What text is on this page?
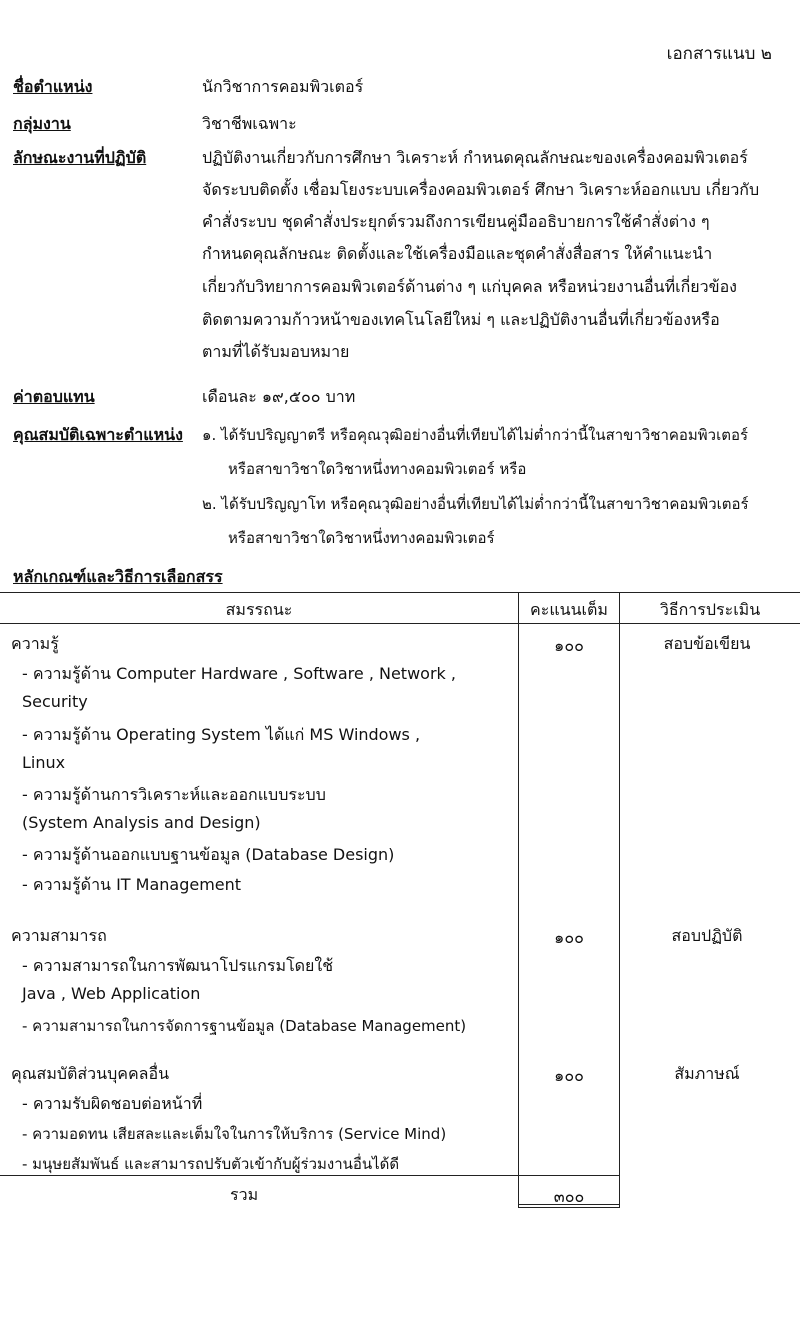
เอกสารแนบ ๒
ชื่อตำแหน่ง	นักวิชาการคอมพิวเตอร์
กลุ่มงาน	วิชาชีพเฉพาะ
ลักษณะงานที่ปฏิบัติ	ปฏิบัติงานเกี่ยวกับการศึกษา วิเคราะห์ กำหนดคุณลักษณะของเครื่องคอมพิวเตอร์
จัดระบบติดตั้ง เชื่อมโยงระบบเครื่องคอมพิวเตอร์ ศึกษา วิเคราะห์ออกแบบ เกี่ยวกับ
คำสั่งระบบ ชุดคำสั่งประยุกต์รวมถึงการเขียนคู่มืออธิบายการใช้คำสั่งต่าง ๆ
กำหนดคุณลักษณะ ติดตั้งและใช้เครื่องมือและชุดคำสั่งสื่อสาร ให้คำแนะนำ
เกี่ยวกับวิทยาการคอมพิวเตอร์ด้านต่าง ๆ แก่บุคคล หรือหน่วยงานอื่นที่เกี่ยวข้อง
ติดตามความก้าวหน้าของเทคโนโลยีใหม่ ๆ และปฏิบัติงานอื่นที่เกี่ยวข้องหรือ
ตามที่ได้รับมอบหมาย
ค่าตอบแทน	เดือนละ ๑๙,๕๐๐ บาท
คุณสมบัติเฉพาะตำแหน่ง ๑. ได้รับปริญญาตรี หรือคุณวุฒิอย่างอื่นที่เทียบได้ไม่ต่ำกว่านี้ในสาขาวิชาคอมพิวเตอร์
หรือสาขาวิชาใดวิชาหนึ่งทางคอมพิวเตอร์ หรือ
๒. ได้รับปริญญาโท หรือคุณวุฒิอย่างอื่นที่เทียบได้ไม่ต่ำกว่านี้ในสาขาวิชาคอมพิวเตอร์
หรือสาขาวิชาใดวิชาหนึ่งทางคอมพิวเตอร์
หลักเกณฑ์และวิธีการเลือกสรร
สมรรถนะ	คะแนนเต็ม	วิธีการประเมิน
ความรู้	๑๐๐	สอบข้อเขียน
- ความรู้ด้าน Computer Hardware , Software , Network ,
Security
- ความรู้ด้าน Operating System ได้แก่ MS Windows ,
Linux
- ความรู้ด้านการวิเคราะห์และออกแบบระบบ
(System Analysis and Design)
- ความรู้ด้านออกแบบฐานข้อมูล (Database Design)
- ความรู้ด้าน IT Management
ความสามารถ	๑๐๐	สอบปฏิบัติ
- ความสามารถในการพัฒนาโปรแกรมโดยใช้
Java , Web Application
- ความสามารถในการจัดการฐานข้อมูล (Database Management)
คุณสมบัติส่วนบุคคลอื่น	๑๐๐	สัมภาษณ์
- ความรับผิดชอบต่อหน้าที่
- ความอดทน เสียสละและเต็มใจในการให้บริการ (Service Mind)
- มนุษยสัมพันธ์ และสามารถปรับตัวเข้ากับผู้ร่วมงานอื่นได้ดี
รวม	๓๐๐
